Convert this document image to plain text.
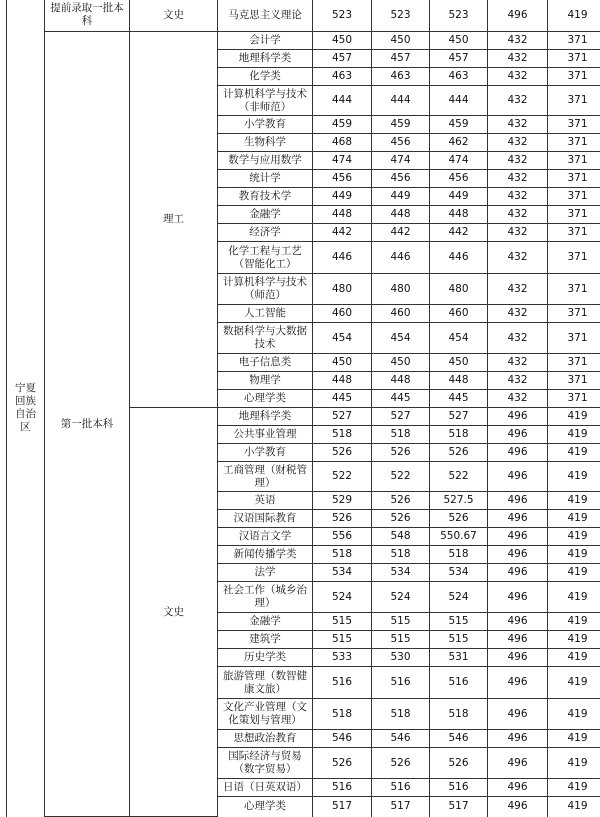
宁夏回族自治区	提前录取一批本科	文史	马克思主义理论	523	523	523	496	419
	第一批本科	理工	会计学	450	450	450	432	371
			地理科学类	457	457	457	432	371
			化学类	463	463	463	432	371
			计算机科学与技术（非师范）	444	444	444	432	371
			小学教育	459	459	459	432	371
			生物科学	468	456	462	432	371
			数学与应用数学	474	474	474	432	371
			统计学	456	456	456	432	371
			教育技术学	449	449	449	432	371
			金融学	448	448	448	432	371
			经济学	442	442	442	432	371
			化学工程与工艺（智能化工）	446	446	446	432	371
			计算机科学与技术（师范）	480	480	480	432	371
			人工智能	460	460	460	432	371
			数据科学与大数据技术	454	454	454	432	371
			电子信息类	450	450	450	432	371
			物理学	448	448	448	432	371
			心理学类	445	445	445	432	371
		文史	地理科学类	527	527	527	496	419
			公共事业管理	518	518	518	496	419
			小学教育	526	526	526	496	419
			工商管理（财税管理）	522	522	522	496	419
			英语	529	526	527.5	496	419
			汉语国际教育	526	526	526	496	419
			汉语言文学	556	548	550.67	496	419
			新闻传播学类	518	518	518	496	419
			法学	534	534	534	496	419
			社会工作（城乡治理）	524	524	524	496	419
			金融学	515	515	515	496	419
			建筑学	515	515	515	496	419
			历史学类	533	530	531	496	419
			旅游管理（数智健康文旅）	516	516	516	496	419
			文化产业管理（文化策划与管理）	518	518	518	496	419
			思想政治教育	546	546	546	496	419
			国际经济与贸易（数字贸易）	526	526	526	496	419
			日语（日英双语）	516	516	516	496	419
			心理学类	517	517	517	496	419
